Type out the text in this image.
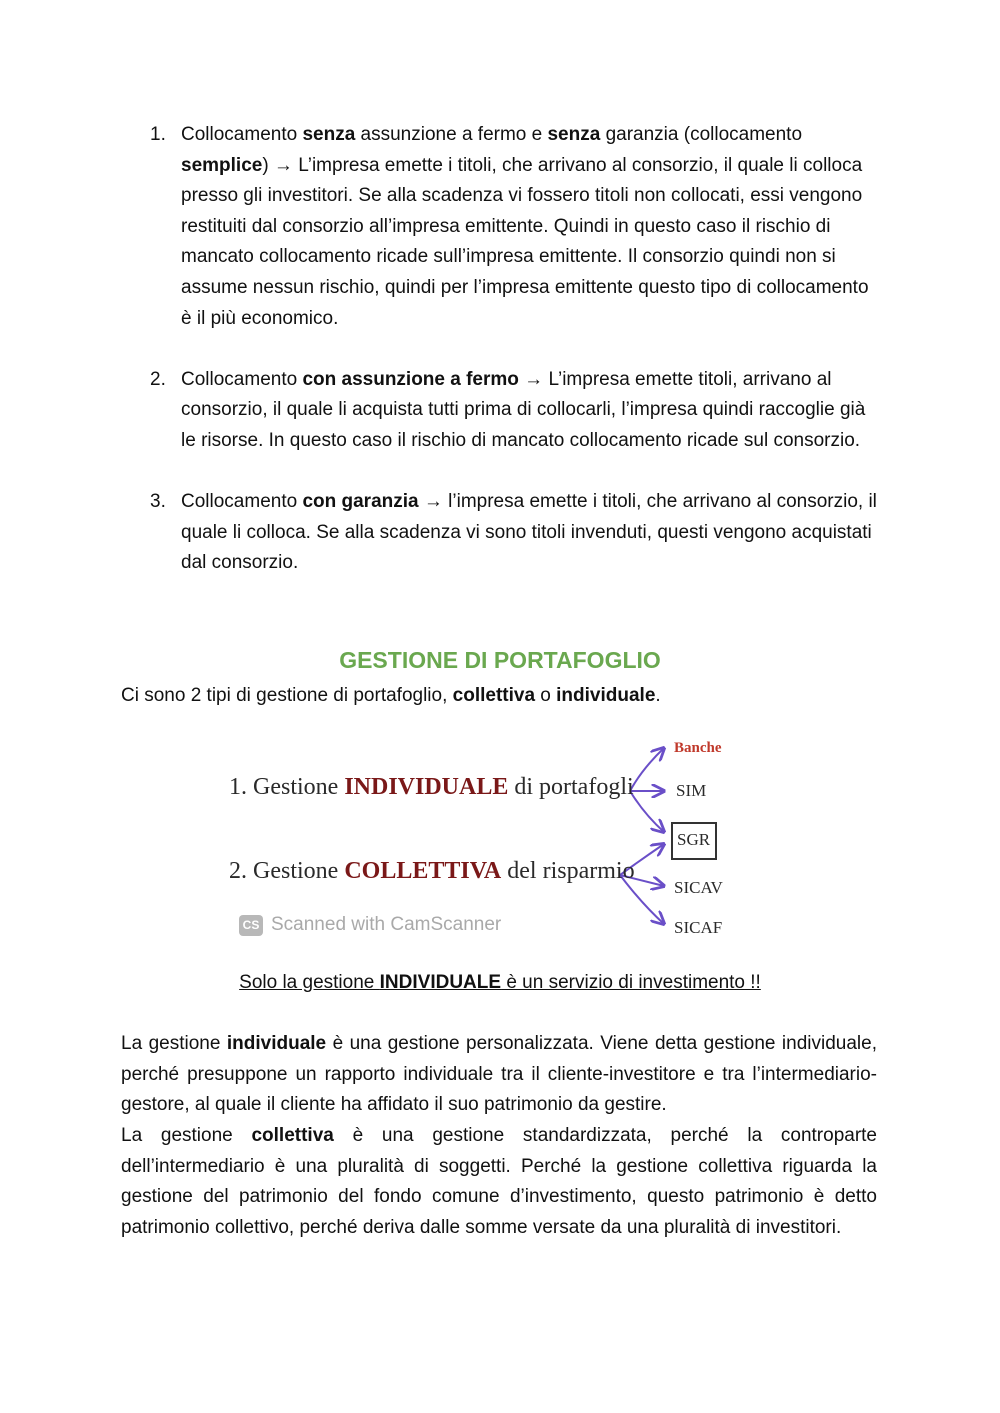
1. Collocamento senza assunzione a fermo e senza garanzia (collocamento semplice) → L’impresa emette i titoli, che arrivano al consorzio, il quale li colloca presso gli investitori. Se alla scadenza vi fossero titoli non collocati, essi vengono restituiti dal consorzio all’impresa emittente. Quindi in questo caso il rischio di mancato collocamento ricade sull’impresa emittente. Il consorzio quindi non si assume nessun rischio, quindi per l’impresa emittente questo tipo di collocamento è il più economico.
2. Collocamento con assunzione a fermo → L’impresa emette titoli, arrivano al consorzio, il quale li acquista tutti prima di collocarli, l’impresa quindi raccoglie già le risorse. In questo caso il rischio di mancato collocamento ricade sul consorzio.
3. Collocamento con garanzia → l’impresa emette i titoli, che arrivano al consorzio, il quale li colloca. Se alla scadenza vi sono titoli invenduti, questi vengono acquistati dal consorzio.
GESTIONE DI PORTAFOGLIO
Ci sono 2 tipi di gestione di portafoglio, collettiva o individuale.
1. Gestione INDIVIDUALE di portafogli
2. Gestione COLLETTIVA del risparmio
Banche
SIM
SGR
SICAV
SICAF
CS Scanned with CamScanner
Solo la gestione INDIVIDUALE è un servizio di investimento !!

La gestione individuale è una gestione personalizzata. Viene detta gestione individuale, perché presuppone un rapporto individuale tra il cliente-investitore e tra l’intermediario-gestore, al quale il cliente ha affidato il suo patrimonio da gestire.

La gestione collettiva è una gestione standardizzata, perché la controparte dell’intermediario è una pluralità di soggetti. Perché la gestione collettiva riguarda la gestione del patrimonio del fondo comune d’investimento, questo patrimonio è detto patrimonio collettivo, perché deriva dalle somme versate da una pluralità di investitori.
